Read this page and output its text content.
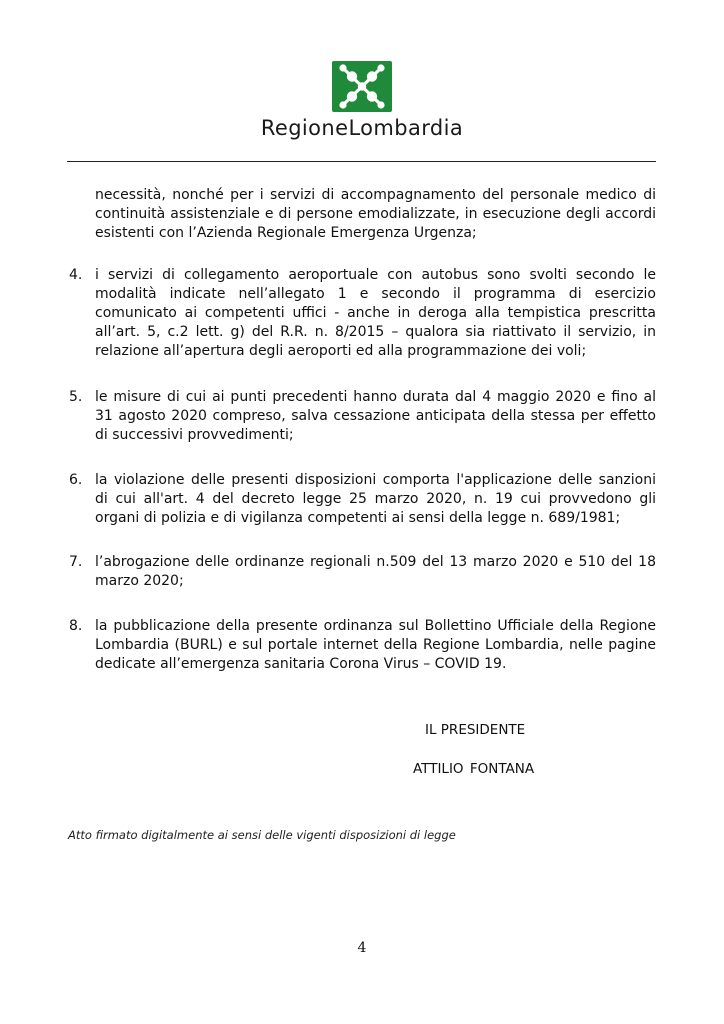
RegioneLombardia
necessità, nonché per i servizi di accompagnamento del personale medico di continuità assistenziale e di persone emodializzate, in esecuzione degli accordi esistenti con l’Azienda Regionale Emergenza Urgenza;
4. i servizi di collegamento aeroportuale con autobus sono svolti secondo le modalità indicate nell’allegato 1 e secondo il programma di esercizio comunicato ai competenti uffici - anche in deroga alla tempistica prescritta all’art. 5, c.2 lett. g) del R.R. n. 8/2015 – qualora sia riattivato il servizio, in relazione all’apertura degli aeroporti ed alla programmazione dei voli;
5. le misure di cui ai punti precedenti hanno durata dal 4 maggio 2020 e fino al 31 agosto 2020 compreso, salva cessazione anticipata della stessa per effetto di successivi provvedimenti;
6. la violazione delle presenti disposizioni comporta l'applicazione delle sanzioni di cui all'art. 4 del decreto legge 25 marzo 2020, n. 19 cui provvedono gli organi di polizia e di vigilanza competenti ai sensi della legge n. 689/1981;
7. l’abrogazione delle ordinanze regionali n.509 del 13 marzo 2020 e 510 del 18 marzo 2020;
8. la pubblicazione della presente ordinanza sul Bollettino Ufficiale della Regione Lombardia (BURL) e sul portale internet della Regione Lombardia, nelle pagine dedicate all’emergenza sanitaria Corona Virus – COVID 19.
IL PRESIDENTE
ATTILIO FONTANA
Atto firmato digitalmente ai sensi delle vigenti disposizioni di legge
4
